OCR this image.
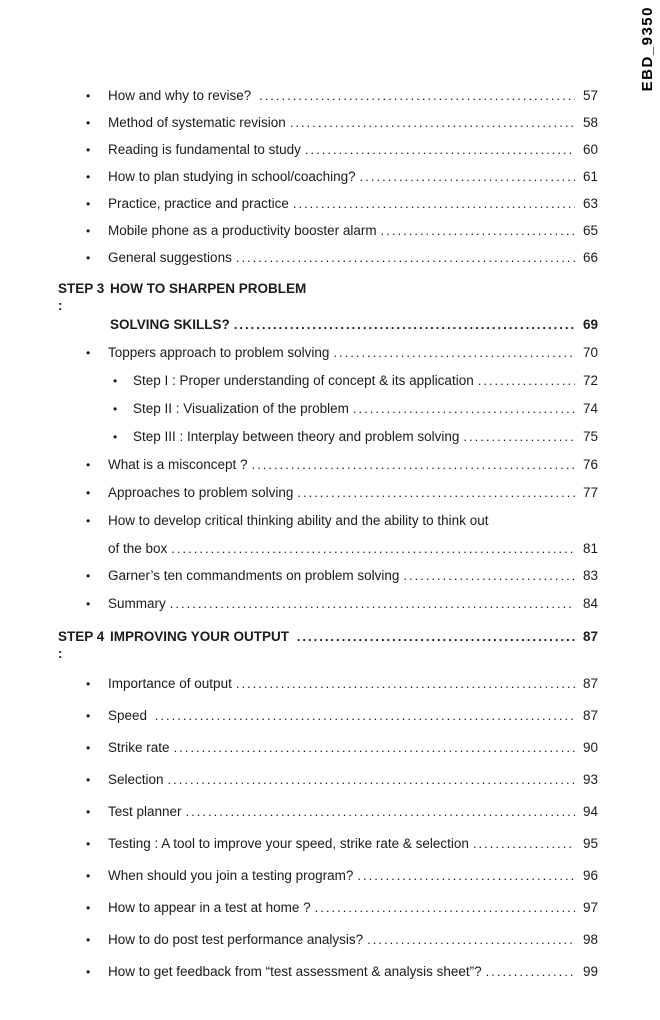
EBD_9350
•	How and why to revise? .....	57
•	Method of systematic revision .....	58
•	Reading is fundamental to study .....	60
•	How to plan studying in school/coaching? .....	61
•	Practice, practice and practice .....	63
•	Mobile phone as a productivity booster alarm .....	65
•	General suggestions .....	66
STEP 3 :
HOW TO SHARPEN PROBLEM
SOLVING SKILLS? .....	69
•	Toppers approach to problem solving .....	70
•	Step I : Proper understanding of concept & its application .....	72
•	Step II : Visualization of the problem .....	74
•	Step III : Interplay between theory and problem solving .....	75
•	What is a misconcept ? .....	76
•	Approaches to problem solving .....	77
•	How to develop critical thinking ability and the ability to think out
of the box .....	81
•	Garner’s ten commandments on problem solving .....	83
•	Summary .....	84
STEP 4 :
IMPROVING YOUR OUTPUT .....	87
•	Importance of output .....	87
•	Speed .....	87
•	Strike rate .....	90
•	Selection .....	93
•	Test planner .....	94
•	Testing : A tool to improve your speed, strike rate & selection .....	95
•	When should you join a testing program? .....	96
•	How to appear in a test at home ? .....	97
•	How to do post test performance analysis? .....	98
•	How to get feedback from “test assessment & analysis sheet”? .....	99
